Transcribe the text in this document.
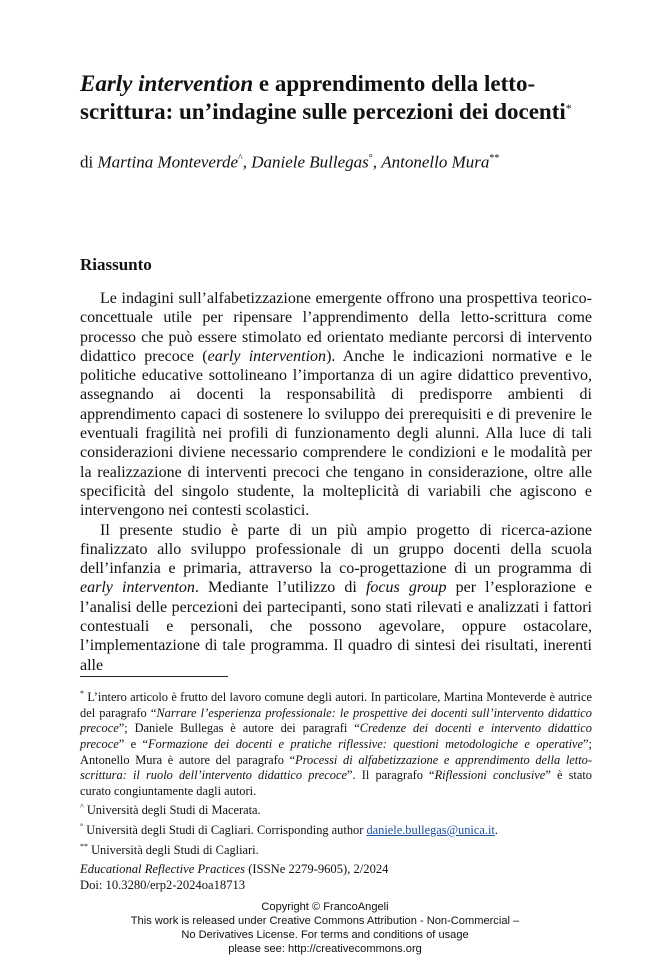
Early intervention e apprendimento della letto-scrittura: un’indagine sulle percezioni dei docenti*
di Martina Monteverde^, Daniele Bullegas°, Antonello Mura**
Riassunto

Le indagini sull’alfabetizzazione emergente offrono una prospettiva teorico-concettuale utile per ripensare l’apprendimento della letto-scrittura come processo che può essere stimolato ed orientato mediante percorsi di intervento didattico precoce (early intervention). Anche le indicazioni normative e le politiche educative sottolineano l’importanza di un agire didattico preventivo, assegnando ai docenti la responsabilità di predisporre ambienti di apprendimento capaci di sostenere lo sviluppo dei prerequisiti e di prevenire le eventuali fragilità nei profili di funzionamento degli alunni. Alla luce di tali considerazioni diviene necessario comprendere le condizioni e le modalità per la realizzazione di interventi precoci che tengano in considerazione, oltre alle specificità del singolo studente, la molteplicità di variabili che agiscono e intervengono nei contesti scolastici.

Il presente studio è parte di un più ampio progetto di ricerca-azione finalizzato allo sviluppo professionale di un gruppo docenti della scuola dell’infanzia e primaria, attraverso la co-progettazione di un programma di early interventon. Mediante l’utilizzo di focus group per l’esplorazione e l’analisi delle percezioni dei partecipanti, sono stati rilevati e analizzati i fattori contestuali e personali, che possono agevolare, oppure ostacolare, l’implementazione di tale programma. Il quadro di sintesi dei risultati, inerenti alle

* L’intero articolo è frutto del lavoro comune degli autori. In particolare, Martina Monteverde è autrice del paragrafo “Narrare l’esperienza professionale: le prospettive dei docenti sull’intervento didattico precoce”; Daniele Bullegas è autore dei paragrafi “Credenze dei docenti e intervento didattico precoce” e “Formazione dei docenti e pratiche riflessive: questioni metodologiche e operative”; Antonello Mura è autore del paragrafo “Processi di alfabetizzazione e apprendimento della letto-scrittura: il ruolo dell’intervento didattico precoce”. Il paragrafo “Riflessioni conclusive” è stato curato congiuntamente dagli autori.

^ Università degli Studi di Macerata.

° Università degli Studi di Cagliari. Corrisponding author daniele.bullegas@unica.it.

** Università degli Studi di Cagliari.

Educational Reflective Practices (ISSNe 2279-9605), 2/2024
Doi: 10.3280/erp2-2024oa18713
Copyright © FrancoAngeli
This work is released under Creative Commons Attribution - Non-Commercial –
No Derivatives License. For terms and conditions of usage
please see: http://creativecommons.org
